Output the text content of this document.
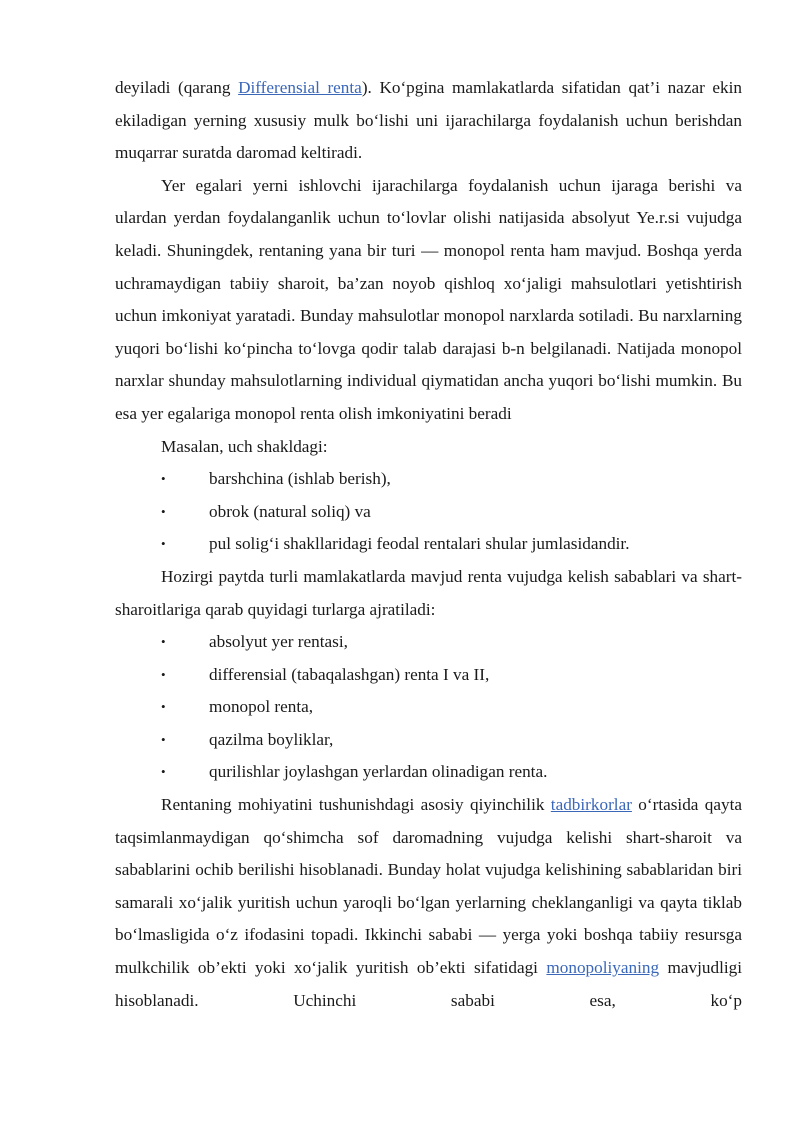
deyiladi (qarang Differensial renta). Ko‘pgina mamlakatlarda sifatidan qat’i nazar ekin ekiladigan yerning xususiy mulk bo‘lishi uni ijarachilarga foydalanish uchun berishdan muqarrar suratda daromad keltiradi.

Yer egalari yerni ishlovchi ijarachilarga foydalanish uchun ijaraga berishi va ulardan yerdan foydalanganlik uchun to‘lovlar olishi natijasida absolyut Ye.r.si vujudga keladi. Shuningdek, rentaning yana bir turi — monopol renta ham mavjud. Boshqa yerda uchramaydigan tabiiy sharoit, ba’zan noyob qishloq xo‘jaligi mahsulotlari yetishtirish uchun imkoniyat yaratadi. Bunday mahsulotlar monopol narxlarda sotiladi. Bu narxlarning yuqori bo‘lishi ko‘pincha to‘lovga qodir talab darajasi b-n belgilanadi. Natijada monopol narxlar shunday mahsulotlarning individual qiymatidan ancha yuqori bo‘lishi mumkin. Bu esa yer egalariga monopol renta olish imkoniyatini beradi

Masalan, uch shakldagi:

•	barshchina (ishlab berish),
•	obrok (natural soliq) va
•	pul solig‘i shakllaridagi feodal rentalari shular jumlasidandir.

Hozirgi paytda turli mamlakatlarda mavjud renta vujudga kelish sabablari va shart-sharoitlariga qarab quyidagi turlarga ajratiladi:

•	absolyut yer rentasi,
•	differensial (tabaqalashgan) renta I va II,
•	monopol renta,
•	qazilma boyliklar,
•	qurilishlar joylashgan yerlardan olinadigan renta.

Rentaning mohiyatini tushunishdagi asosiy qiyinchilik tadbirkorlar o‘rtasida qayta taqsimlanmaydigan qo‘shimcha sof daromadning vujudga kelishi shart-sharoit va sabablarini ochib berilishi hisoblanadi. Bunday holat vujudga kelishining sabablaridan biri samarali xo‘jalik yuritish uchun yaroqli bo‘lgan yerlarning cheklanganligi va qayta tiklab bo‘lmasligida o‘z ifodasini topadi. Ikkinchi sababi — yerga yoki boshqa tabiiy resursga mulkchilik ob’ekti yoki xo‘jalik yuritish ob’ekti sifatidagi monopoliyaning mavjudligi hisoblanadi. Uchinchi sababi esa, ko‘p
